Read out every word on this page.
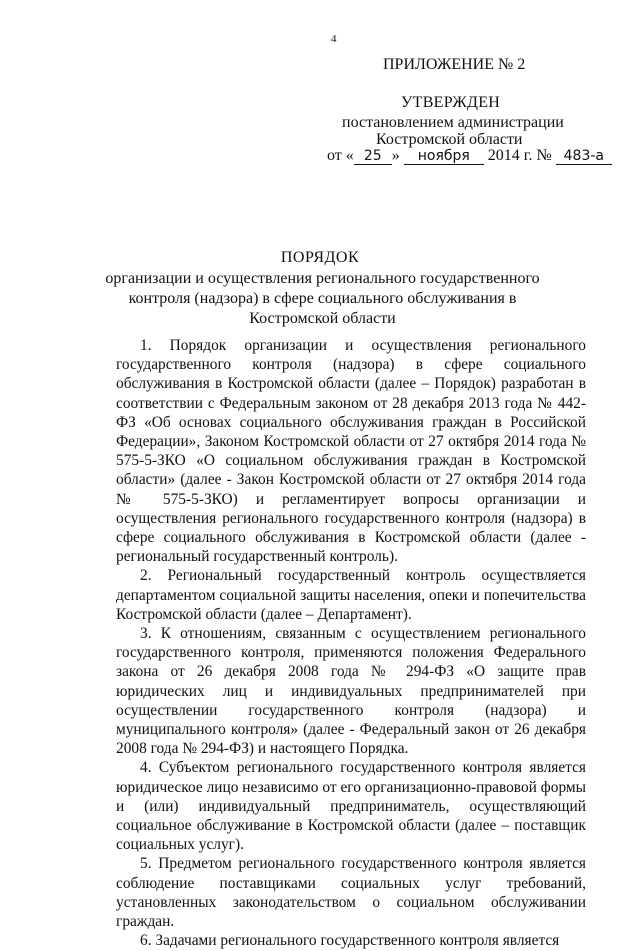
4
ПРИЛОЖЕНИЕ № 2
УТВЕРЖДЕН
постановлением администрации
Костромской области
от « 25 » ноября 2014 г. № 483-а
ПОРЯДОК
организации и осуществления регионального государственного контроля (надзора) в сфере социального обслуживания в Костромской области

1. Порядок организации и осуществления регионального государственного контроля (надзора) в сфере социального обслуживания в Костромской области (далее – Порядок) разработан в соответствии с Федеральным законом от 28 декабря 2013 года № 442-ФЗ «Об основах социального обслуживания граждан в Российской Федерации», Законом Костромской области от 27 октября 2014 года № 575-5-ЗКО «О социальном обслуживания граждан в Костромской области» (далее - Закон Костромской области от 27 октября 2014 года № 575-5-ЗКО) и регламентирует вопросы организации и осуществления регионального государственного контроля (надзора) в сфере социального обслуживания в Костромской области (далее - региональный государственный контроль).

2. Региональный государственный контроль осуществляется департаментом социальной защиты населения, опеки и попечительства Костромской области (далее – Департамент).

3. К отношениям, связанным с осуществлением регионального государственного контроля, применяются положения Федерального закона от 26 декабря 2008 года № 294-ФЗ «О защите прав юридических лиц и индивидуальных предпринимателей при осуществлении государственного контроля (надзора) и муниципального контроля» (далее - Федеральный закон от 26 декабря 2008 года № 294-ФЗ) и настоящего Порядка.

4. Субъектом регионального государственного контроля является юридическое лицо независимо от его организационно-правовой формы и (или) индивидуальный предприниматель, осуществляющий социальное обслуживание в Костромской области (далее – поставщик социальных услуг).

5. Предметом регионального государственного контроля является соблюдение поставщиками социальных услуг требований, установленных законодательством о социальном обслуживании граждан.

6. Задачами регионального государственного контроля является
